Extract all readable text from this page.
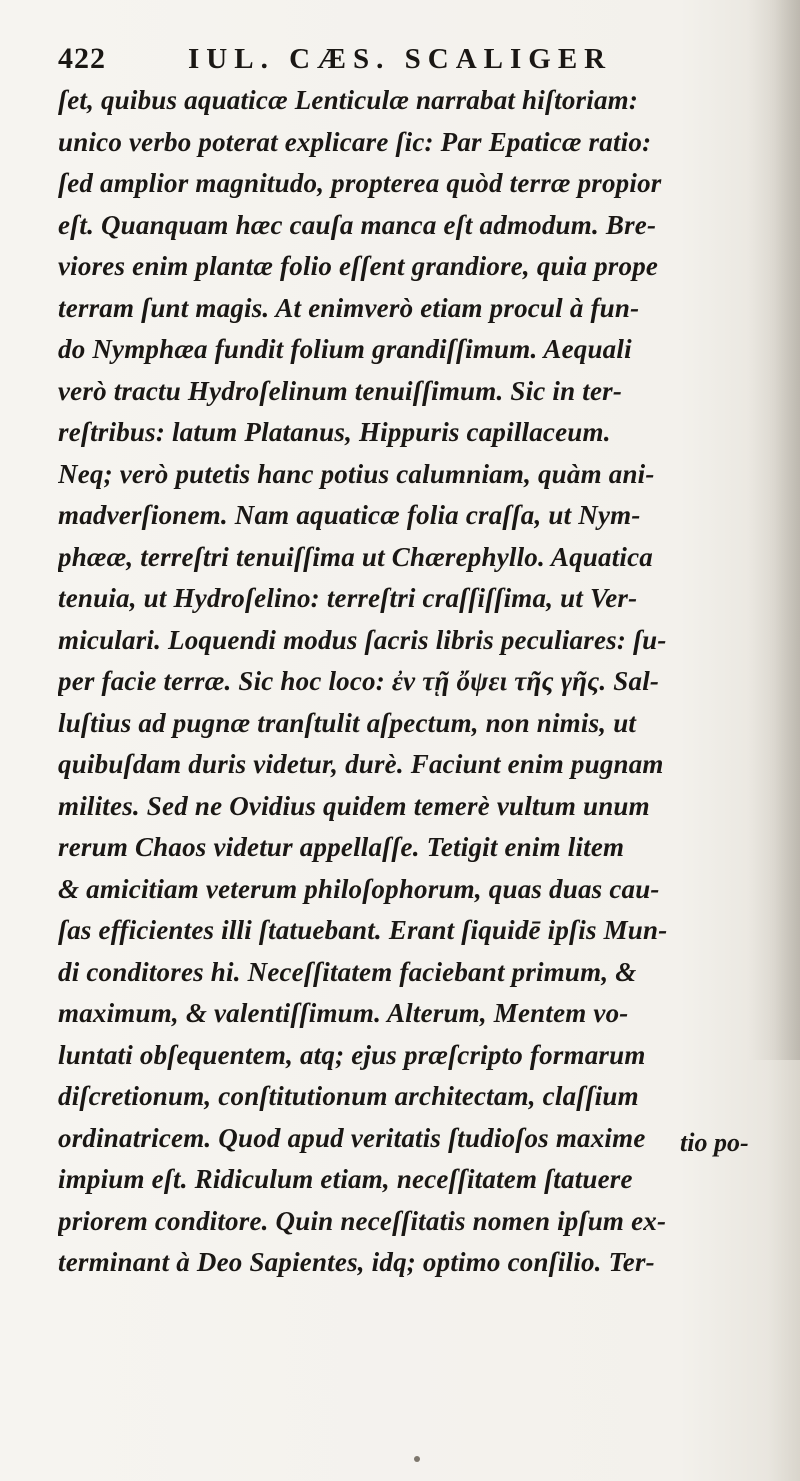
422	IUL. CÆS. SCALIGER
ſet, quibus aquaticæ Lenticulæ narrabat hiſtoriam:
unico verbo poterat explicare ſic: Par Epaticæ ratio:
ſed amplior magnitudo, propterea quòd terræ propior
eſt. Quanquam hæc cauſa manca eſt admodum. Bre-
viores enim plantæ folio eſſent grandiore, quia prope
terram ſunt magis. At enimverò etiam procul à fun-
do Nymphæa fundit folium grandiſſimum. Aequali
verò tractu Hydroſelinum tenuiſſimum. Sic in ter-
reſtribus: latum Platanus, Hippuris capillaceum.
Neq; verò putetis hanc potius calumniam, quàm ani-
madverſionem. Nam aquaticæ folia craſſa, ut Nym-
phææ, terreſtri tenuiſſima ut Chærephyllo. Aquatica
tenuia, ut Hydroſelino: terreſtri craſſiſſima, ut Ver-
miculari. Loquendi modus ſacris libris peculiares: ſu-
per facie terræ. Sic hoc loco: ἐν τῇ ὄψει τῆς γῆς. Sal-
luſtius ad pugnæ tranſtulit aſpectum, non nimis, ut
quibuſdam duris videtur, durè. Faciunt enim pugnam
milites. Sed ne Ovidius quidem temerè vultum unum
rerum Chaos videtur appellaſſe. Tetigit enim litem
& amicitiam veterum philoſophorum, quas duas cau-
ſas efficientes illi ſtatuebant. Erant ſiquidē ipſis Mun-
di conditores hi. Neceſſitatem faciebant primum, &
maximum, & valentiſſimum. Alterum, Mentem vo-
luntati obſequentem, atq; ejus præſcripto formarum
diſcretionum, conſtitutionum architectam, claſſium
ordinatricem. Quod apud veritatis ſtudioſos maxime
impium eſt. Ridiculum etiam, neceſſitatem ſtatuere
priorem conditore. Quin neceſſitatis nomen ipſum ex-
terminant à Deo Sapientes, idq; optimo conſilio. Ter-
tio po-
